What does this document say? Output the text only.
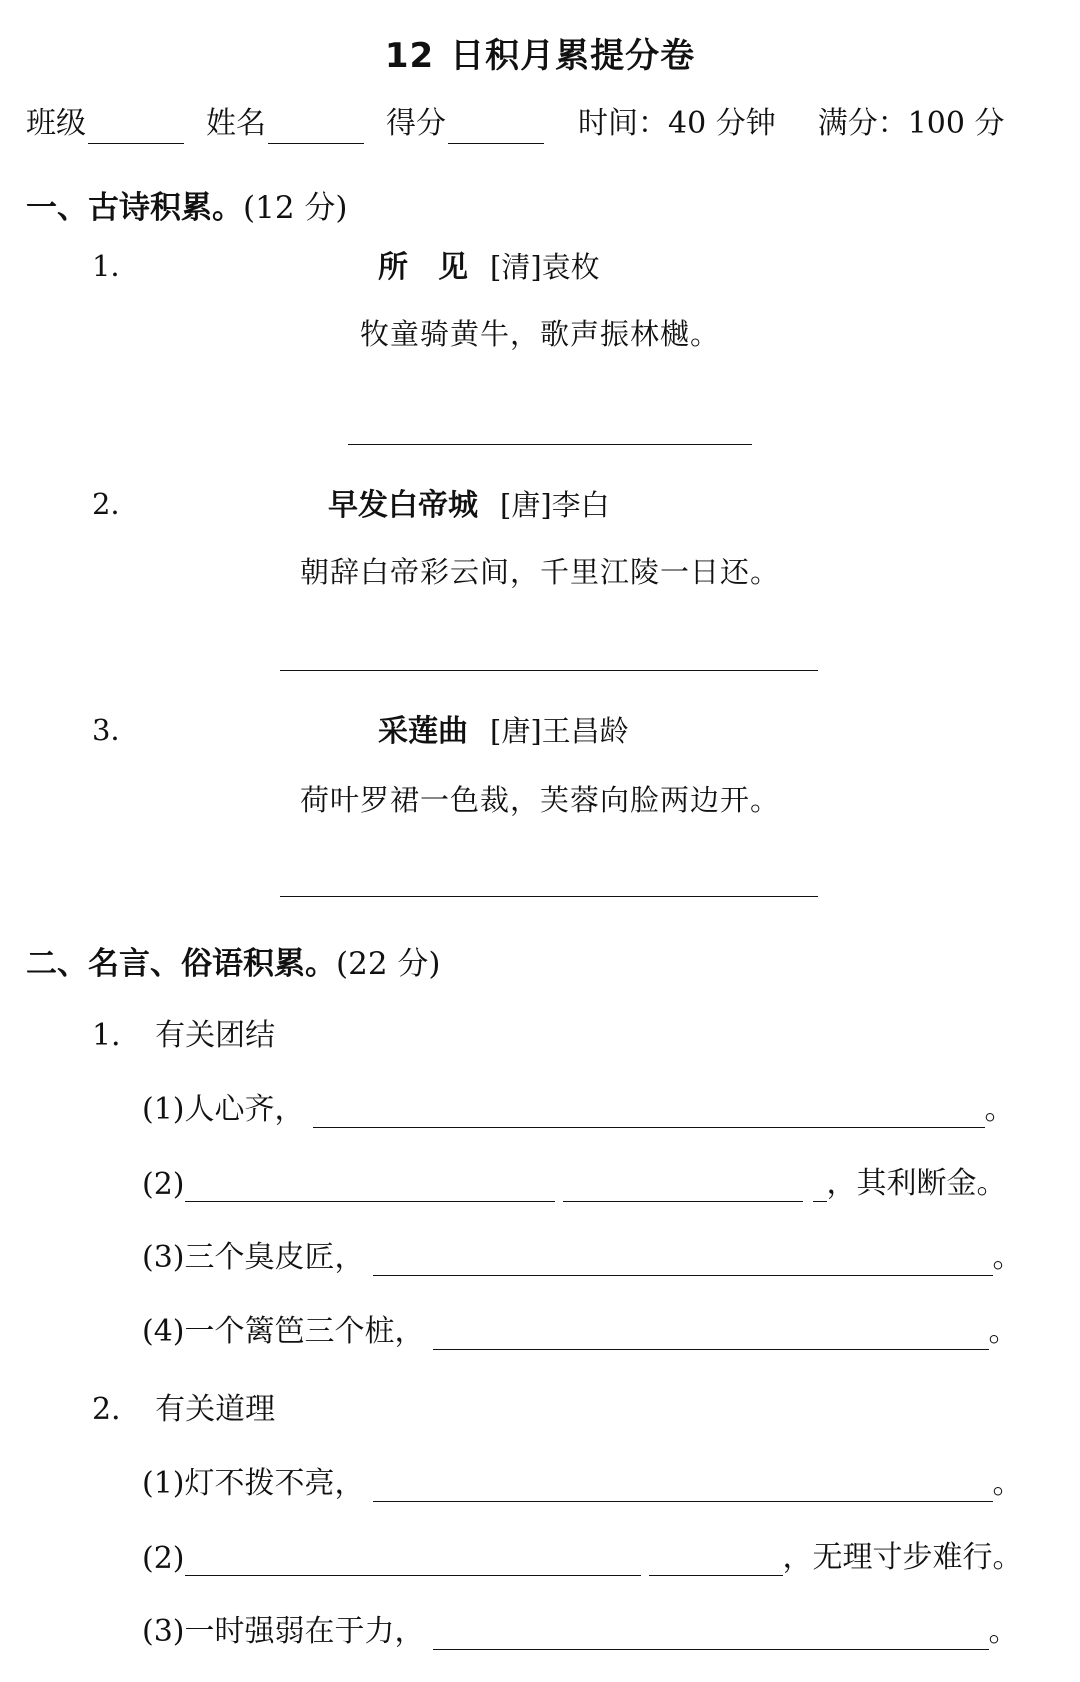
12 日积月累提分卷
班级	姓名	得分	时间：40 分钟 满分：100 分
一、古诗积累。(12 分)
1．	所　见 [清]袁枚
牧童骑黄牛，歌声振林樾。
2．	早发白帝城 [唐]李白
朝辞白帝彩云间，千里江陵一日还。
3．	采莲曲 [唐]王昌龄
荷叶罗裙一色裁，芙蓉向脸两边开。
二、名言、俗语积累。(22 分)
1． 有关团结
(1)人心齐，	。
(2)	，其利断金。
(3)三个臭皮匠，	。
(4)一个篱笆三个桩，	。
2． 有关道理
(1)灯不拨不亮，	。
(2)	，无理寸步难行。
(3)一时强弱在于力，	。
